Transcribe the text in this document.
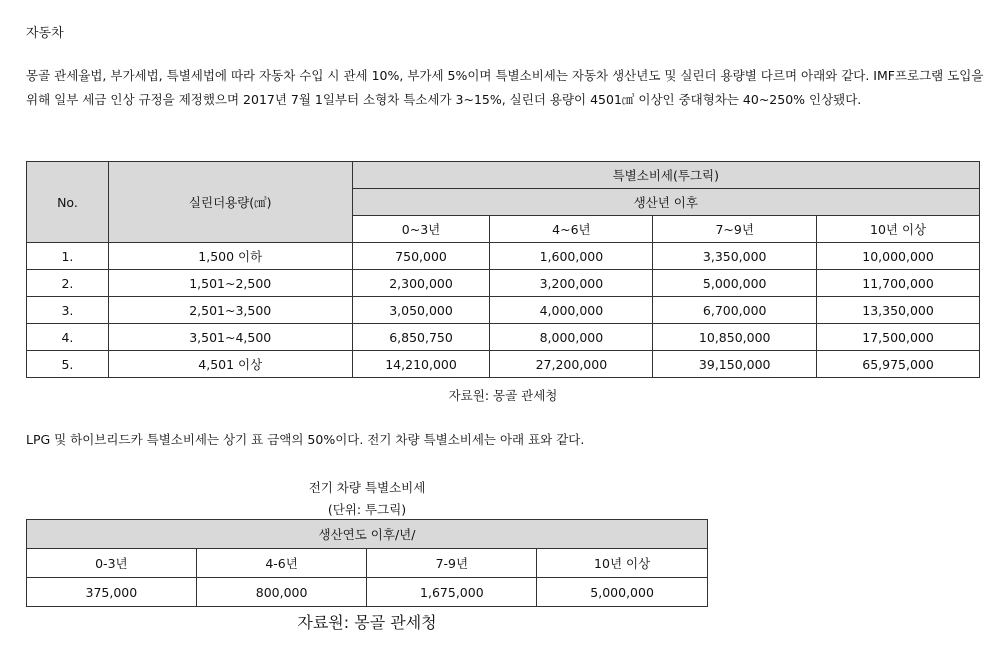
자동차
몽골 관세율법, 부가세법, 특별세법에 따라 자동차 수입 시 관세 10%, 부가세 5%이며 특별소비세는 자동차 생산년도 및 실린더 용량별 다르며 아래와 같다. IMF프로그램 도입을 위해 일부 세금 인상 규정을 제정했으며 2017년 7월 1일부터 소형차 특소세가 3~15%, 실린더 용량이 4501㎤ 이상인 중대형차는 40~250% 인상됐다.
No.	실린더용량(㎤)	특별소비세(투그릭)			
		생산년 이후			
		0~3년	4~6년	7~9년	10년 이상
1.	1,500 이하	750,000	1,600,000	3,350,000	10,000,000
2.	1,501~2,500	2,300,000	3,200,000	5,000,000	11,700,000
3.	2,501~3,500	3,050,000	4,000,000	6,700,000	13,350,000
4.	3,501~4,500	6,850,750	8,000,000	10,850,000	17,500,000
5.	4,501 이상	14,210,000	27,200,000	39,150,000	65,975,000
자료원: 몽골 관세청
LPG 및 하이브리드카 특별소비세는 상기 표 금액의 50%이다. 전기 차량 특별소비세는 아래 표와 같다.
전기 차량 특별소비세
(단위: 투그릭)
생산연도 이후/년/			
0-3년	4-6년	7-9년	10년 이상
375,000	800,000	1,675,000	5,000,000
자료원: 몽골 관세청
